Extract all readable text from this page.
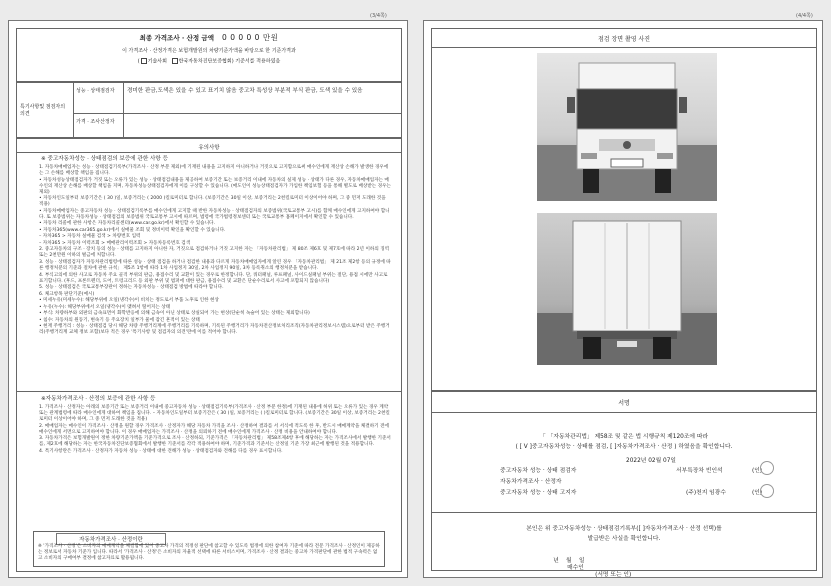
(3/4쪽)	(4/4쪽)
최종 가격조사 · 산정 금액 0 0 0 0 0 만원
이 가격조사 · 산정가격은 보험개발원의 차량기준가액을 바탕으로 한 기준가격과
( 기술사회 한국자동차진단보증협회) 기준서를 적용하였음
특기사항및 점검자의 의견
성능 · 상태점검자	경미한 판금,도색은 있을 수 있고 표기치 않음 중고차 특성상 부분적 부식 판금, 도색 있을 수 있음
가격 · 조사산정자
유의사항
※ 중고자동차성능 · 상태점검의 보증에 관한 사항 등

1. 자동차매매업자는 성능 · 상태점검기록부(가격조사 · 산정 부분 제외)에 기재된 내용을 고지하지 아니하거나 거짓으로 고지함으로써 매수인에게 재산상 손해가 발생한 경우에는 그 손해를 배상할 책임을 집니다.

• 자동차성능상태점검자가 거짓 또는 오류가 있는 성능 · 상태점검내용을 제공하여 보증기간 또는 보증거리 이내에 자동차의 실제 성능 · 상태가 다른 경우, 자동차매매업자는 매수인의 재산상 손해를 배상할 책임을 지며, 자동차성능상태점검자에게 이를 구상할 수 있습니다. (매도인이 성능상태점검자가 가입한 책임보험 등을 통해 별도로 배상받는 경우는 제외)

• 자동차인도일부터 보증기간은 ( 30 )일, 보증거리는 ( 2000 )킬로미터로 합니다. (보증기간은 30일 이상, 보증거리는 2천킬로미터 이상이어야 하며, 그 중 먼저 도래한 것을 적용)

• 자동차매매업자는 중고자동차 성능 · 상태점검기록부를 매수인에게 고지할 때 반한 자동차성능 · 상태점검자의 보증범위(국토교통부 고시)를 함께 매수인에게 고지하여야 합니다. 또 보증범위는 자동차성능 · 상태점검의 보증범위 국토교통부 고시에 따르며, 법령에 국가법령정보센터 또는 국토교통부 홈페이지에서 확인할 수 있습니다.

• 자동차 리콜에 관한 사항은 자동차리콜센터(www.car.go.kr)에서 확인할 수 있습니다.

• 자동차365(www.car365.go.kr)에서 실매물 조회 및 정비이력 확인을 확인할 수 있습니다.

– 자차365 > 자동차 실매물 검색 > 차량번호 입력

– 자차365 > 자동차 이력조회 > 매매관리이력조회 > 자동차등록번호 검색

2. 중고자동차의 구조 · 장치 등의 성능 · 상태를 고지하지 아니한 자, 거짓으로 점검하거나 거짓 고지한 자는 「자동차관리법」 제 80조 제6호 및 제7호에 따라 2년 이하의 징역 또는 2천만원 이하의 벌금에 처합니다.

3. 성능 · 상태점검자가 자동차관리법령에 따른 성능 · 상태 점검을 하거나 점검한 내용과 다르게 자동차매매업자에게 알린 경우 「자동차관리법」 제 21조 제2항 등의 규정에 따른 행정처분의 기준과 절차에 관한 규칙」 제5조 1항에 따라 1차 사업정지 30일, 2차 사업정지 90일, 3차 등록취소의 행정처분을 받습니다.

4. 부식고의에 의한 사고로 자동차 주요 골격 부위의 판금, 용접수리 및 교환이 있는 경우로 한정합니다. 단, 쿼터패널, 루프패널, 사이드실패널 부위는 절단, 용접 시에만 사고로 표기합니다. (후드, 프론트펜더, 도어, 트렁크리드 등 외판 부위 및 범퍼에 대한 판금, 용접수리 및 교환은 단순수리로서 사고에 포함되지 않습니다)

5. 성능 · 상태점검은 국토교통부장관이 정하는 자동차성능 · 상태점검 방법에 따라야 합니다.

6. 체크항목 판단기준(예시)

• 미세누유(미세누수): 해당부위에 오일(냉각수)이 비치는 정도로서 부품 노후로 인한 현상

• 누유(누수): 해당부위에서 오일(냉각수)이 맺혀서 떨어지는 상태

• 부식: 차량하부와 외판의 금속표면이 화학반응에 의해 금속이 아닌 상태로 상실되어 가는 현상(단순히 녹슬어 있는 상태는 제외합니다)

• 침수: 자동차의 원동기, 변속기 등 주요장치 일부가 물에 잠긴 흔적이 있는 상태

• 현재 주행거리 : 성능 · 상태점검 당시 해당 차량 주행거리계에 주행거리를 기록하며, 기록된 주행거리가 자동차전산정보처리조직(자동차관리정보시스템)으로부터 받은 주행거리(주행거리계 교체 정보 포함)보다 적은 경우 '특기사항 및 점검자의 의견'란에 이를 적어야 합니다.

※자동차가격조사 · 산정의 보증에 관한 사항 등

1. 가격조사 · 산정자는 아래의 보증기간 또는 보증거리 이내에 중고자동차 성능 · 상태점검기록부(가격조사 · 산정 부분 한정)에 기재된 내용에 허위 또는 오류가 있는 경우 계약 또는 관계법령에 따라 매수인에게 대하여 책임을 집니다. – 자동차인도일부터 보증기간은 ( 30 )일, 보증거리는 ( )킬로미터로 합니다. (보증기간은 30일 이상, 보증거리는 2천킬로미터 이상이어야 하며, 그 중 먼저 도래한 것을 적용)

2. 매매업자는 매수인이 가격조사 · 산정을 원할 경우 가격조사 · 산정자가 해당 자동차 가격을 조사 · 산정하여 결과를 서 서식에 적도록 한 후, 반드시 매매계약을 체결하기 전에 매수인에게 서면으로 고지하여야 합니다. 이 경우 매매업자는 가격조사 · 산정을 의뢰하기 전에 매수인에게 가격조사 · 산정 비용을 안내하여야 합니다.

3. 자동차가격은 보험개발원이 정한 차량기준가액을 기준가격으로 조사 · 산정하되, 기준가격은 「자동차관리법」 제58조제4항 후에 해당하는 자는 가격조사에서 발행한 기준서를, 제2호에 해당하는 자는 한국자동차진단보증협회에서 발행한 기준서를 각각 적용하여야 하며, 기준가격과 기준서는 산정일 기준 가장 최근에 발행된 것을 적용합니다.

4. 특기사항란은 가격조사 · 산정자가 자동차 성능 · 상태에 대한 견해가 성능 · 상태점검자와 견해를 다를 경우 표시합니다.

자동차가격조사 · 산정이란
※ '가격조사 · 산정'은 소비자의 매매계약을 체결함에 있어 중고차 가격의 적정성 판단에 참고할 수 있도록 법정에 의한 참여자 기준에 따라 전문 가격조사 · 산정인이 제공하는 정보로서 자동차 기준가 입니다. 따라서 '가격조사 · 산정'은 소비자의 자율적 선택에 따른 서비스이며, 가격조사 · 산정 결과는 중고차 가격판단에 관한 법적 구속력은 없고 소비자의 구매여부 결정에 참고자료로 활용됩니다.
점검 장면 촬영 사진
서명
「 「자동차관리법」 제58조 및 같은 법 시행규칙 제120조에 따라
( [ V ]중고자동차성능 · 상태를 점검, [ ]자동차가격조사 · 산정 ) 하였음을 확인합니다.
2022년 02월 07일
중고자동차 성능 · 상태 점검자	서부특장차 빈인석	(인)
자동차가격조사 · 산정자
중고자동차 성능 · 상태 고지자	(주)천지 임광수	(인)
본인은 위 중고자동차성능 · 상태점검기록부([ ]자동차가격조사 · 산정 선택)를
발급받은 사실을 확인합니다.

년    월    일
매수인
(서명 또는 인)
